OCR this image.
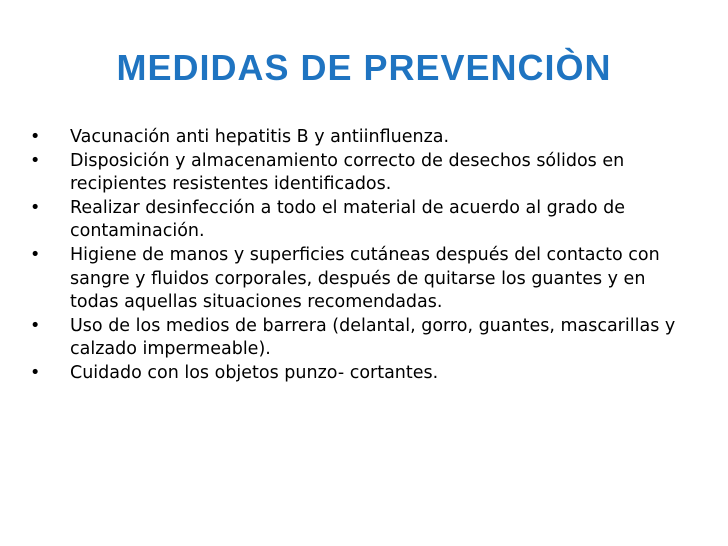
MEDIDAS DE PREVENCIÒN
•	Vacunación anti hepatitis B y antiinfluenza.
•	Disposición y almacenamiento correcto de desechos sólidos en recipientes resistentes identificados.
•	Realizar desinfección a todo el material de acuerdo al grado de contaminación.
•	Higiene de manos y superficies cutáneas después del contacto con sangre y fluidos corporales, después de quitarse los guantes y en todas aquellas situaciones recomendadas.
•	Uso de los medios de barrera (delantal, gorro, guantes, mascarillas y calzado impermeable).
•	Cuidado con los objetos punzo- cortantes.
